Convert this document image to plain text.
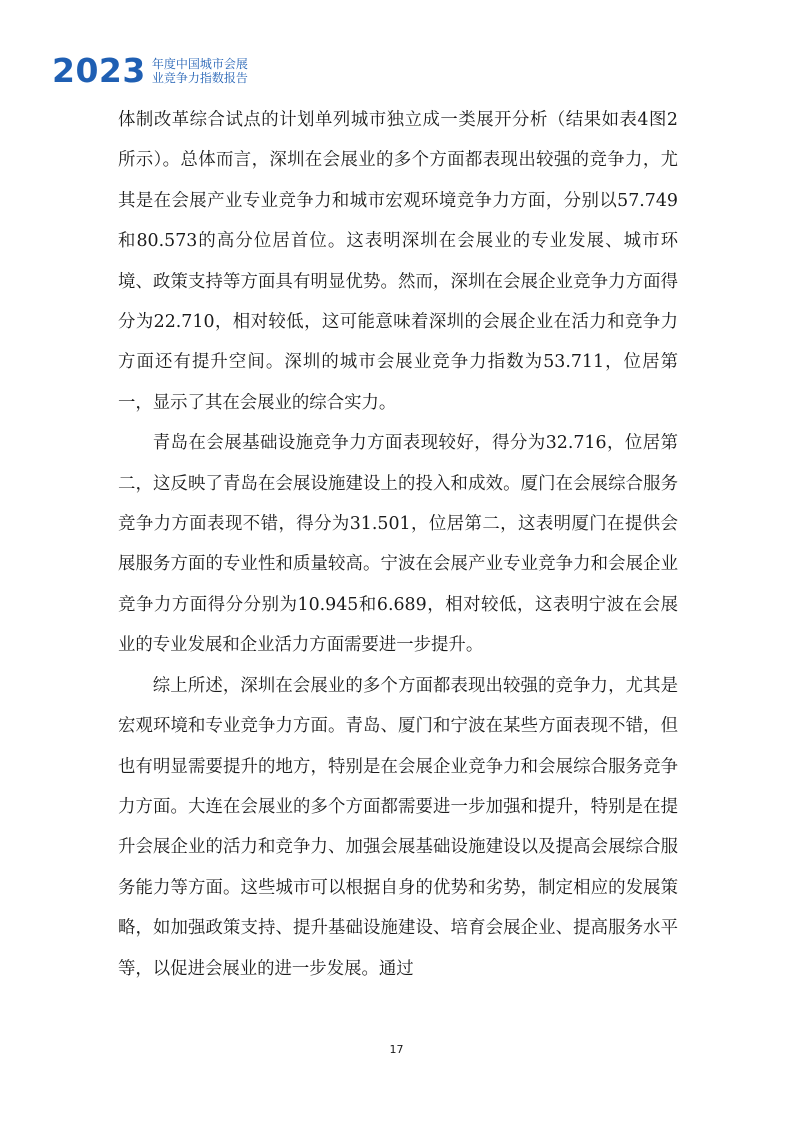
2023 年度中国城市会展
业竞争力指数报告

体制改革综合试点的计划单列城市独立成一类展开分析（结果如表4图2所示）。总体而言，深圳在会展业的多个方面都表现出较强的竞争力，尤其是在会展产业专业竞争力和城市宏观环境竞争力方面，分别以57.749和80.573的高分位居首位。这表明深圳在会展业的专业发展、城市环境、政策支持等方面具有明显优势。然而，深圳在会展企业竞争力方面得分为22.710，相对较低，这可能意味着深圳的会展企业在活力和竞争力方面还有提升空间。深圳的城市会展业竞争力指数为53.711，位居第一，显示了其在会展业的综合实力。

青岛在会展基础设施竞争力方面表现较好，得分为32.716，位居第二，这反映了青岛在会展设施建设上的投入和成效。厦门在会展综合服务竞争力方面表现不错，得分为31.501，位居第二，这表明厦门在提供会展服务方面的专业性和质量较高。宁波在会展产业专业竞争力和会展企业竞争力方面得分分别为10.945和6.689，相对较低，这表明宁波在会展业的专业发展和企业活力方面需要进一步提升。

综上所述，深圳在会展业的多个方面都表现出较强的竞争力，尤其是宏观环境和专业竞争力方面。青岛、厦门和宁波在某些方面表现不错，但也有明显需要提升的地方，特别是在会展企业竞争力和会展综合服务竞争力方面。大连在会展业的多个方面都需要进一步加强和提升，特别是在提升会展企业的活力和竞争力、加强会展基础设施建设以及提高会展综合服务能力等方面。这些城市可以根据自身的优势和劣势，制定相应的发展策略，如加强政策支持、提升基础设施建设、培育会展企业、提高服务水平等，以促进会展业的进一步发展。通过

17
